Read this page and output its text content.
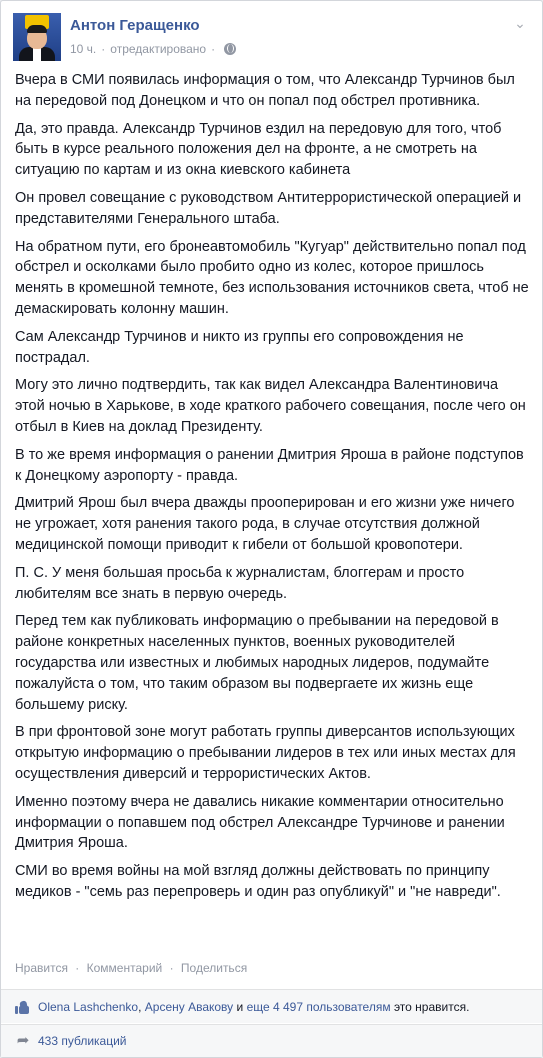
Антон Геращенко
10 ч. · отредактировано ·
⌄

Вчера в СМИ появилась информация о том, что Александр Турчинов был на передовой под Донецком и что он попал под обстрел противника.

Да, это правда. Александр Турчинов ездил на передовую для того, чтоб быть в курсе реального положения дел на фронте, а не смотреть на ситуацию по картам и из окна киевского кабинета

Он провел совещание с руководством Антитеррористической операцией и представителями Генерального штаба.

На обратном пути, его бронеавтомобиль "Кугуар" действительно попал под обстрел и осколками было пробито одно из колес, которое пришлось менять в кромешной темноте, без использования источников света, чтоб не демаскировать колонну машин.

Сам Александр Турчинов и никто из группы его сопровождения не пострадал.

Могу это лично подтвердить, так как видел Александра Валентиновича этой ночью в Харькове, в ходе краткого рабочего совещания, после чего он отбыл в Киев на доклад Президенту.

В то же время информация о ранении Дмитрия Яроша в районе подступов к Донецкому аэропорту - правда.

Дмитрий Ярош был вчера дважды прооперирован и его жизни уже ничего не угрожает, хотя ранения такого рода, в случае отсутствия должной медицинской помощи приводит к гибели от большой кровопотери.

П. С. У меня большая просьба к журналистам, блоггерам и просто любителям все знать в первую очередь.

Перед тем как публиковать информацию о пребывании на передовой в районе конкретных населенных пунктов, военных руководителей государства или известных и любимых народных лидеров, подумайте пожалуйста о том, что таким образом вы подвергаете их жизнь еще большему риску.

В при фронтовой зоне могут работать группы диверсантов использующих открытую информацию о пребывании лидеров в тех или иных местах для осуществления диверсий и террористических Актов.

Именно поэтому вчера не давались никакие комментарии относительно информации о попавшем под обстрел Александре Турчинове и ранении Дмитрия Яроша.

СМИ во время войны на мой взгляд должны действовать по принципу медиков - "семь раз перепроверь и один раз опубликуй" и "не навреди".

Нравится · Комментарий · Поделиться
Olena Lashchenko, Арсену Авакову и еще 4 497 пользователям это нравится.
➦ 433 публикаций
